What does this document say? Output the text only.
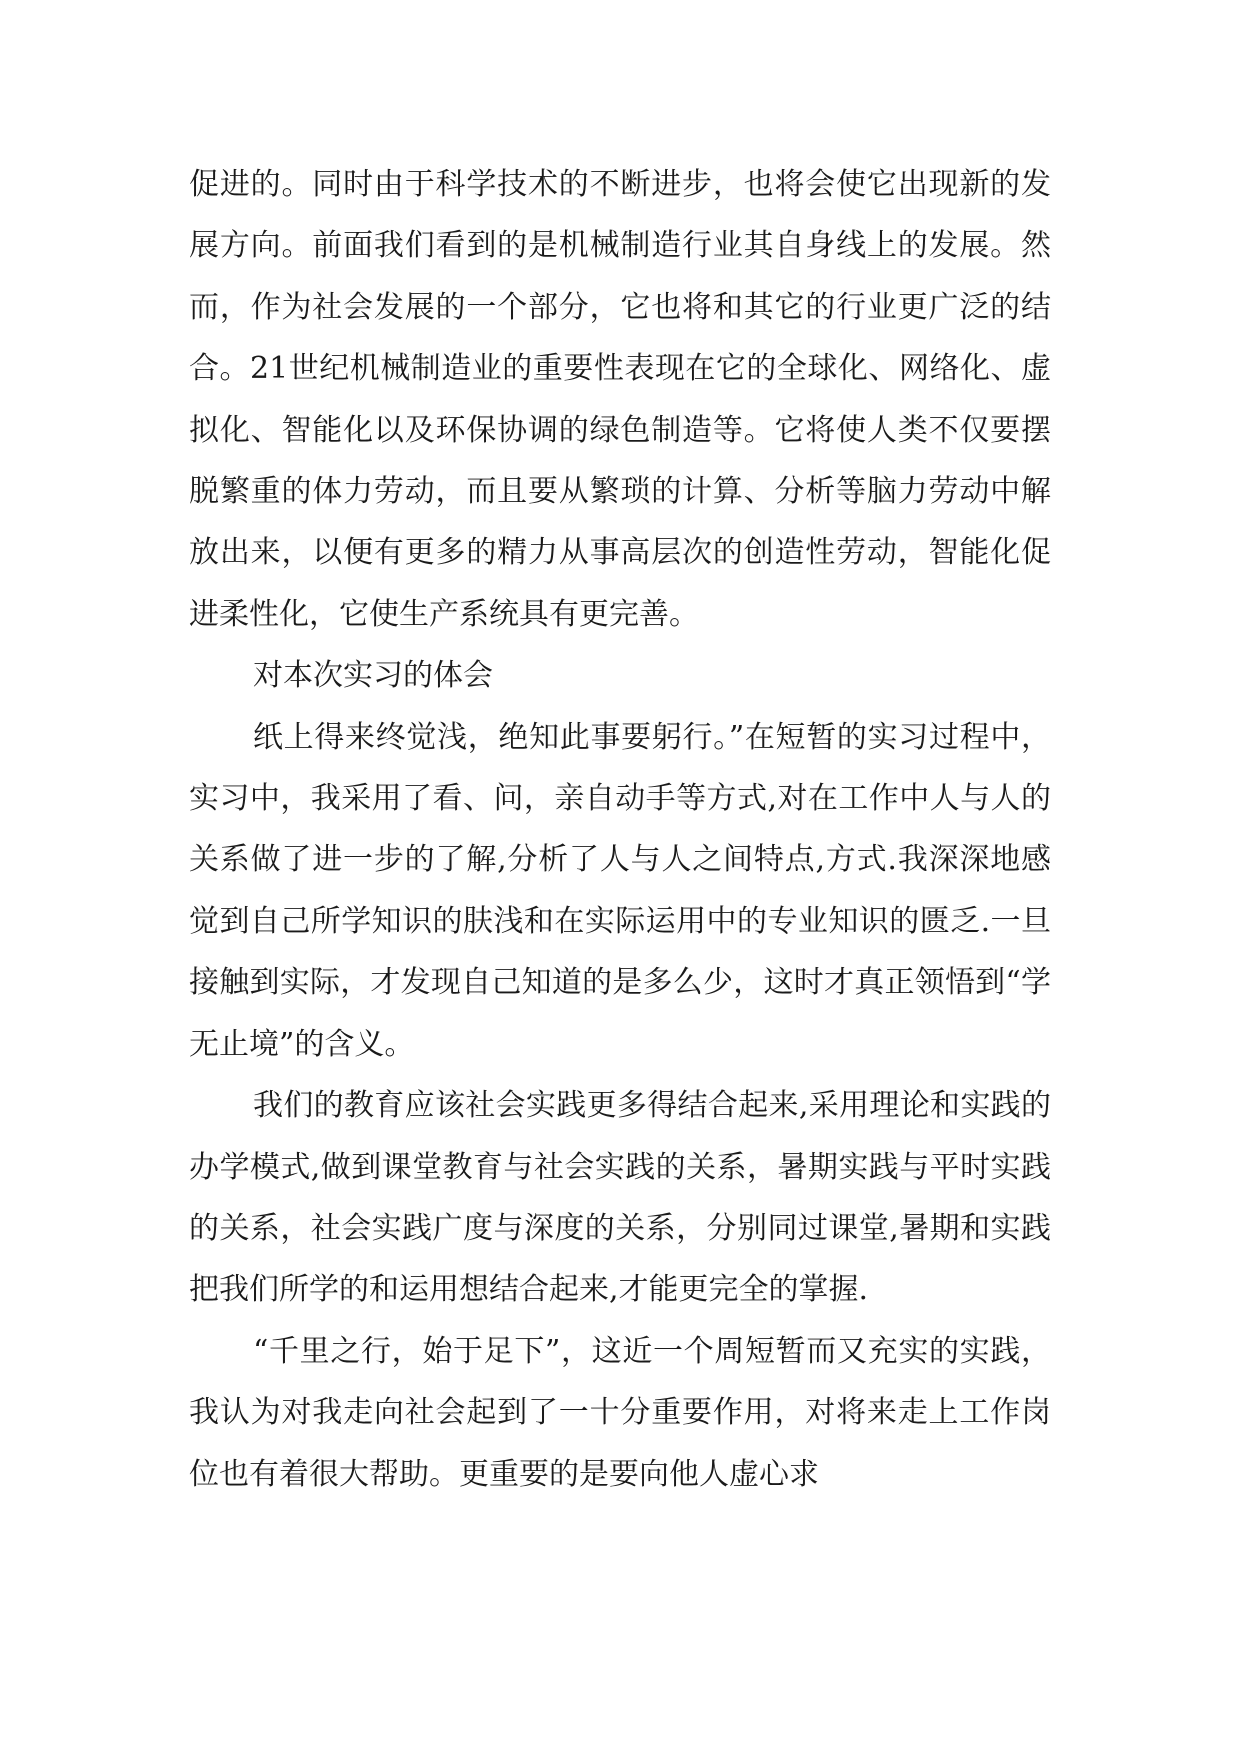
促进的。同时由于科学技术的不断进步，也将会使它出现新的发展方向。前面我们看到的是机械制造行业其自身线上的发展。然而，作为社会发展的一个部分，它也将和其它的行业更广泛的结合。21世纪机械制造业的重要性表现在它的全球化、网络化、虚拟化、智能化以及环保协调的绿色制造等。它将使人类不仅要摆脱繁重的体力劳动，而且要从繁琐的计算、分析等脑力劳动中解放出来，以便有更多的精力从事高层次的创造性劳动，智能化促进柔性化，它使生产系统具有更完善。

对本次实习的体会

纸上得来终觉浅，绝知此事要躬行。”在短暂的实习过程中，实习中，我采用了看、问，亲自动手等方式,对在工作中人与人的关系做了进一步的了解,分析了人与人之间特点,方式.我深深地感觉到自己所学知识的肤浅和在实际运用中的专业知识的匮乏.一旦接触到实际，才发现自己知道的是多么少，这时才真正领悟到“学无止境”的含义。

我们的教育应该社会实践更多得结合起来,采用理论和实践的办学模式,做到课堂教育与社会实践的关系，暑期实践与平时实践的关系，社会实践广度与深度的关系，分别同过课堂,暑期和实践把我们所学的和运用想结合起来,才能更完全的掌握.

“千里之行，始于足下”，这近一个周短暂而又充实的实践，我认为对我走向社会起到了一十分重要作用，对将来走上工作岗位也有着很大帮助。更重要的是要向他人虚心求
